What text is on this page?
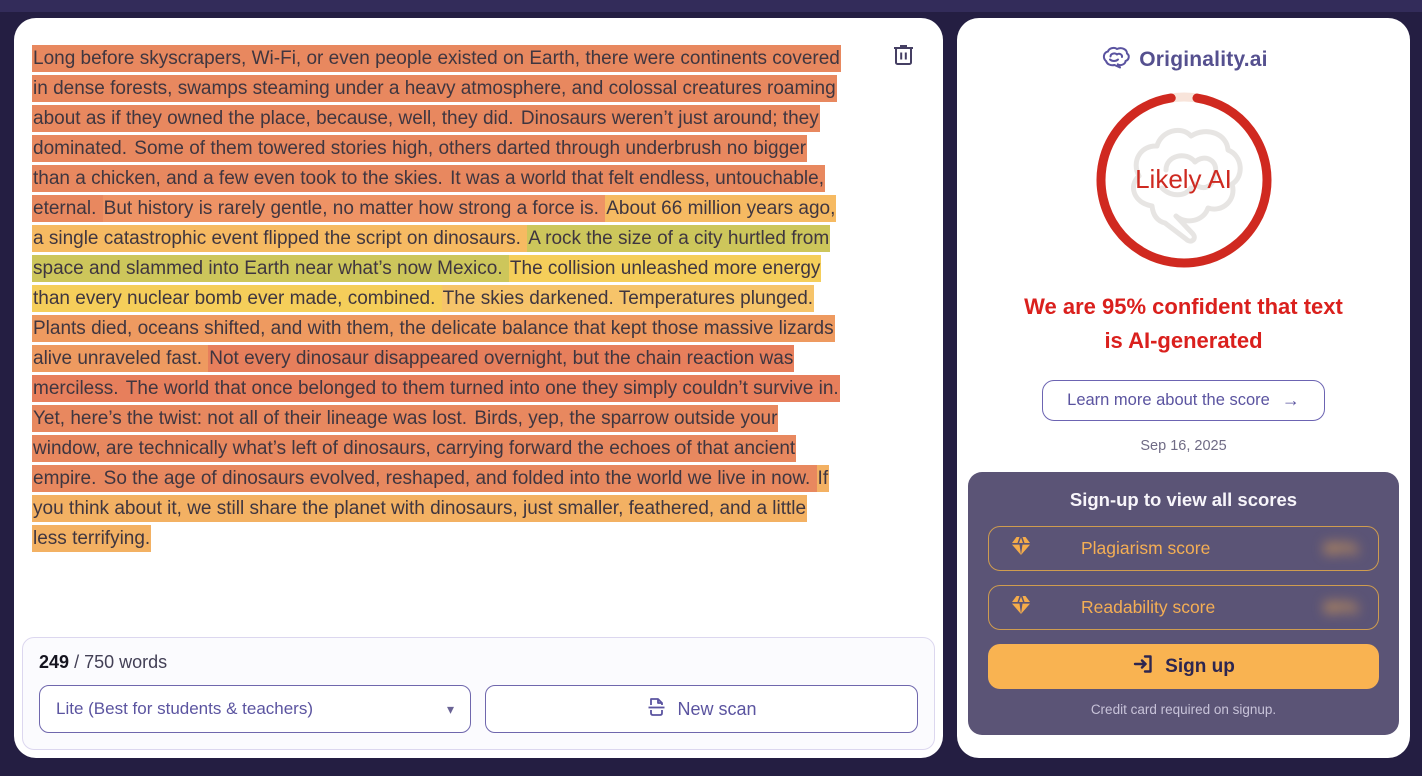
Long before skyscrapers, Wi-Fi, or even people existed on Earth, there were continents covered in dense forests, swamps steaming under a heavy atmosphere, and colossal creatures roaming about as if they owned the place, because, well, they did. Dinosaurs weren’t just around; they dominated. Some of them towered stories high, others darted through underbrush no bigger than a chicken, and a few even took to the skies. It was a world that felt endless, untouchable, eternal. But history is rarely gentle, no matter how strong a force is. About 66 million years ago, a single catastrophic event flipped the script on dinosaurs. A rock the size of a city hurtled from space and slammed into Earth near what’s now Mexico. The collision unleashed more energy than every nuclear bomb ever made, combined. The skies darkened. Temperatures plunged. Plants died, oceans shifted, and with them, the delicate balance that kept those massive lizards alive unraveled fast. Not every dinosaur disappeared overnight, but the chain reaction was merciless. The world that once belonged to them turned into one they simply couldn’t survive in. Yet, here’s the twist: not all of their lineage was lost. Birds, yep, the sparrow outside your window, are technically what’s left of dinosaurs, carrying forward the echoes of that ancient empire. So the age of dinosaurs evolved, reshaped, and folded into the world we live in now. If you think about it, we still share the planet with dinosaurs, just smaller, feathered, and a little less terrifying.
249 / 750 words
Lite (Best for students & teachers)	▾	New scan
Originality.ai
Likely AI
We are 95% confident that text
is AI-generated
Learn more about the score →
Sep 16, 2025
Sign-up to view all scores
Plagiarism score	80%
Readability score	80%
Sign up
Credit card required on signup.
